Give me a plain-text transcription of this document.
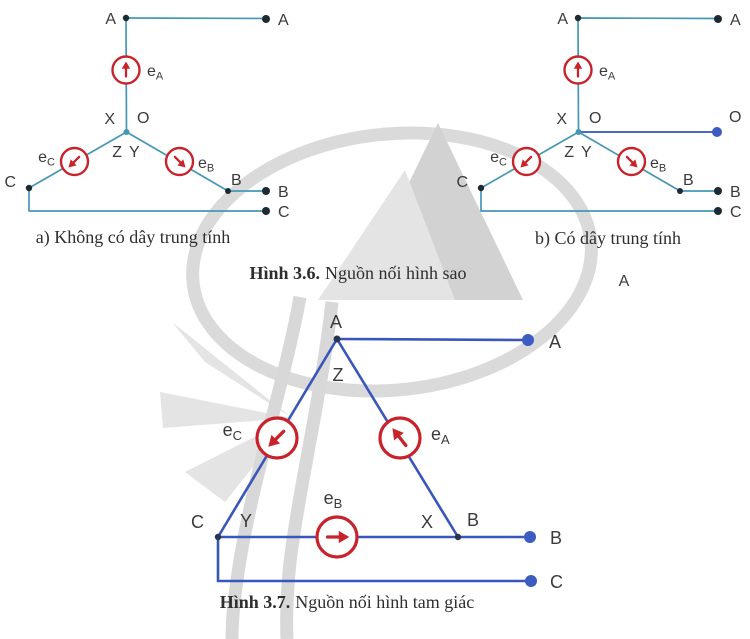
A	A
X O
Z Y
$e_A$
$e_C$	$e_B$
C	B
B
C
a) Không có dây trung tính
A	A
X O	O
Z Y
$e_A$
$e_C$	$e_B$
C	B
B
C
b) Có dây trung tính
Hình 3.6. Nguồn nối hình sao	A
A
A
Z
$e_C$	$e_A$
$e_B$
C Y	X B
B
C
Hình 3.7. Nguồn nối hình tam giác
